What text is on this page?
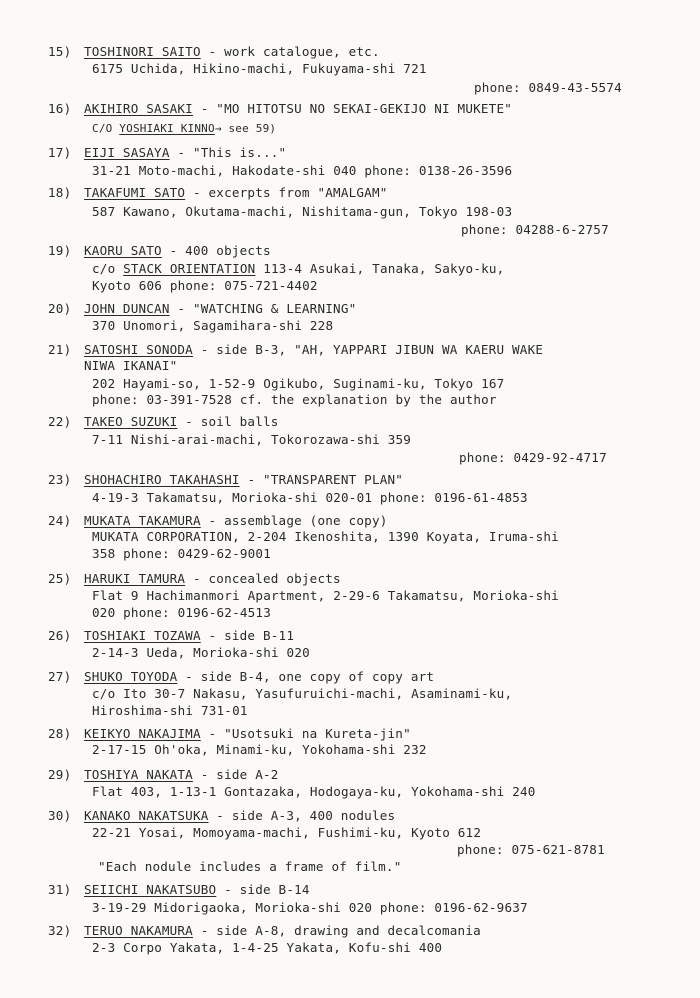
15) TOSHINORI SAITO - work catalogue, etc.
6175 Uchida, Hikino-machi, Fukuyama-shi 721
phone: 0849-43-5574
16) AKIHIRO SASAKI - "MO HITOTSU NO SEKAI-GEKIJO NI MUKETE"
C/O YOSHIAKI KINNO→ see 59)
17) EIJI SASAYA - "This is..."
31-21 Moto-machi, Hakodate-shi 040 phone: 0138-26-3596
18) TAKAFUMI SATO - excerpts from "AMALGAM"
587 Kawano, Okutama-machi, Nishitama-gun, Tokyo 198-03
phone: 04288-6-2757
19) KAORU SATO - 400 objects
c/o STACK ORIENTATION 113-4 Asukai, Tanaka, Sakyo-ku,
Kyoto 606 phone: 075-721-4402
20) JOHN DUNCAN - "WATCHING & LEARNING"
370 Unomori, Sagamihara-shi 228
21) SATOSHI SONODA - side B-3, "AH, YAPPARI JIBUN WA KAERU WAKE
NIWA IKANAI"
202 Hayami-so, 1-52-9 Ogikubo, Suginami-ku, Tokyo 167
phone: 03-391-7528 cf. the explanation by the author
22) TAKEO SUZUKI - soil balls
7-11 Nishi-arai-machi, Tokorozawa-shi 359
phone: 0429-92-4717
23) SHOHACHIRO TAKAHASHI - "TRANSPARENT PLAN"
4-19-3 Takamatsu, Morioka-shi 020-01 phone: 0196-61-4853
24) MUKATA TAKAMURA - assemblage (one copy)
MUKATA CORPORATION, 2-204 Ikenoshita, 1390 Koyata, Iruma-shi
358 phone: 0429-62-9001
25) HARUKI TAMURA - concealed objects
Flat 9 Hachimanmori Apartment, 2-29-6 Takamatsu, Morioka-shi
020 phone: 0196-62-4513
26) TOSHIAKI TOZAWA - side B-11
2-14-3 Ueda, Morioka-shi 020
27) SHUKO TOYODA - side B-4, one copy of copy art
c/o Ito 30-7 Nakasu, Yasufuruichi-machi, Asaminami-ku,
Hiroshima-shi 731-01
28) KEIKYO NAKAJIMA - "Usotsuki na Kureta-jin"
2-17-15 Oh'oka, Minami-ku, Yokohama-shi 232
29) TOSHIYA NAKATA - side A-2
Flat 403, 1-13-1 Gontazaka, Hodogaya-ku, Yokohama-shi 240
30) KANAKO NAKATSUKA - side A-3, 400 nodules
22-21 Yosai, Momoyama-machi, Fushimi-ku, Kyoto 612
phone: 075-621-8781
"Each nodule includes a frame of film."
31) SEIICHI NAKATSUBO - side B-14
3-19-29 Midorigaoka, Morioka-shi 020 phone: 0196-62-9637
32) TERUO NAKAMURA - side A-8, drawing and decalcomania
2-3 Corpo Yakata, 1-4-25 Yakata, Kofu-shi 400
